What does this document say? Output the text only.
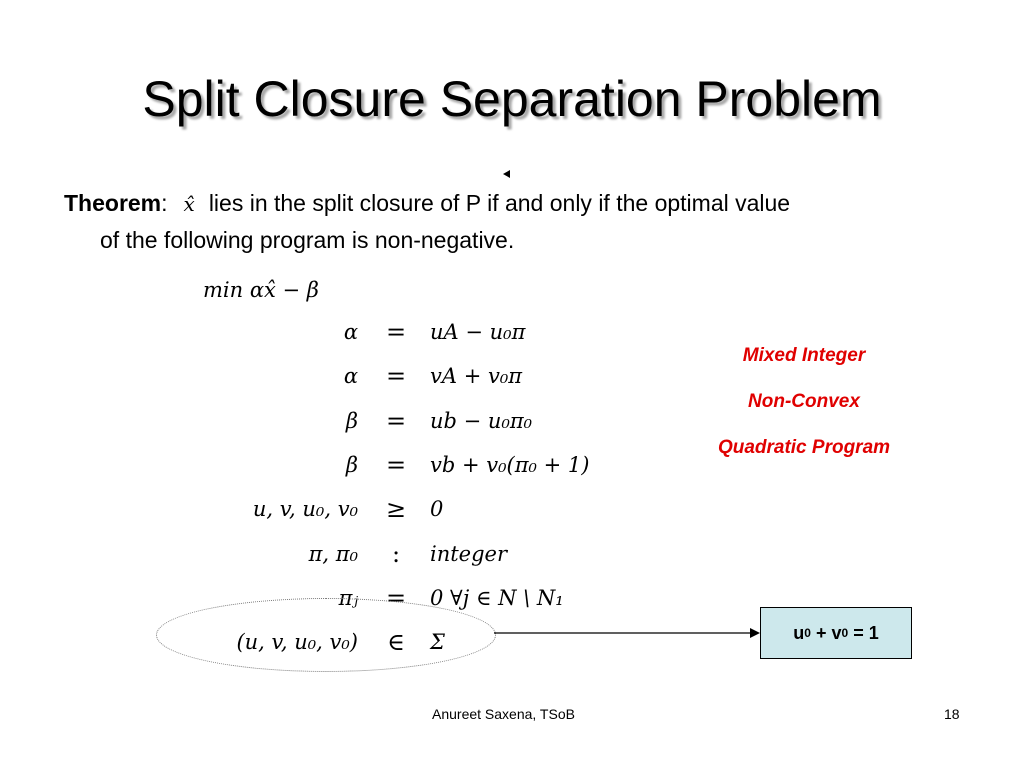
Split Closure Separation Problem
Theorem: x̂ lies in the split closure of P if and only if the optimal value
of the following program is non-negative.
min αx̂ − β
α	=	uA − u₀π
α	=	vA + v₀π
β	=	ub − u₀π₀
β	=	vb + v₀(π₀ + 1)
u, v, u₀, v₀	≥	0
π, π₀	:	integer
πⱼ	=	0 ∀j ∈ N \ N₁
(u, v, u₀, v₀)	∈	Σ
Mixed Integer
Non-Convex
Quadratic Program
u 0 + v 0 = 1
Anureet Saxena, TSoB	18
